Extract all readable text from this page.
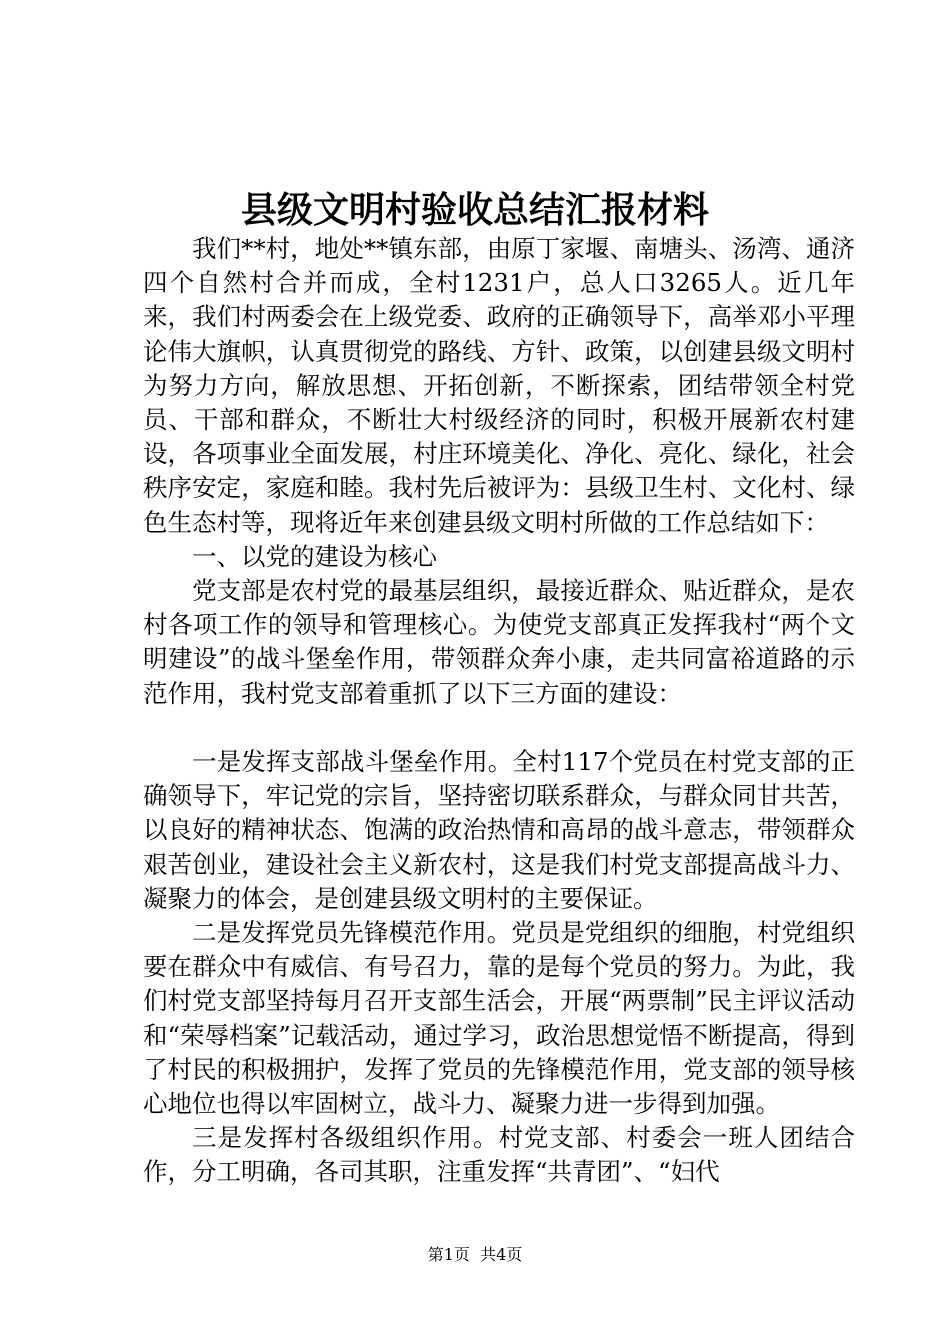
县级文明村验收总结汇报材料

我们**村，地处**镇东部，由原丁家堰、南塘头、汤湾、通济四个自然村合并而成，全村1231户，总人口3265人。近几年来，我们村两委会在上级党委、政府的正确领导下，高举邓小平理论伟大旗帜，认真贯彻党的路线、方针、政策，以创建县级文明村为努力方向，解放思想、开拓创新，不断探索，团结带领全村党员、干部和群众，不断壮大村级经济的同时，积极开展新农村建设，各项事业全面发展，村庄环境美化、净化、亮化、绿化，社会秩序安定，家庭和睦。我村先后被评为：县级卫生村、文化村、绿色生态村等，现将近年来创建县级文明村所做的工作总结如下：

一、以党的建设为核心

党支部是农村党的最基层组织，最接近群众、贴近群众，是农村各项工作的领导和管理核心。为使党支部真正发挥我村“两个文明建设”的战斗堡垒作用，带领群众奔小康，走共同富裕道路的示范作用，我村党支部着重抓了以下三方面的建设：

一是发挥支部战斗堡垒作用。全村117个党员在村党支部的正确领导下，牢记党的宗旨，坚持密切联系群众，与群众同甘共苦，以良好的精神状态、饱满的政治热情和高昂的战斗意志，带领群众艰苦创业，建设社会主义新农村，这是我们村党支部提高战斗力、凝聚力的体会，是创建县级文明村的主要保证。

二是发挥党员先锋模范作用。党员是党组织的细胞，村党组织要在群众中有威信、有号召力，靠的是每个党员的努力。为此，我们村党支部坚持每月召开支部生活会，开展“两票制”民主评议活动和“荣辱档案”记载活动，通过学习，政治思想觉悟不断提高，得到了村民的积极拥护，发挥了党员的先锋模范作用，党支部的领导核心地位也得以牢固树立，战斗力、凝聚力进一步得到加强。

三是发挥村各级组织作用。村党支部、村委会一班人团结合作，分工明确，各司其职，注重发挥“共青团”、“妇代

第1页 共4页
